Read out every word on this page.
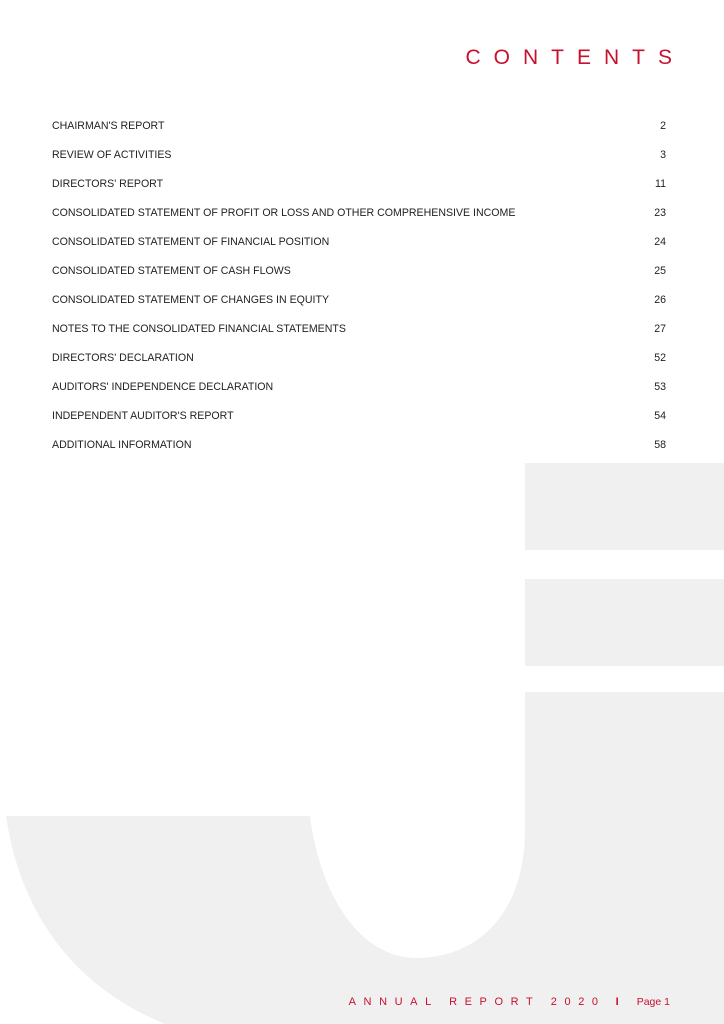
CONTENTS
CHAIRMAN'S REPORT	2
REVIEW OF ACTIVITIES	3
DIRECTORS' REPORT	11
CONSOLIDATED STATEMENT OF PROFIT OR LOSS AND OTHER COMPREHENSIVE INCOME	23
CONSOLIDATED STATEMENT OF FINANCIAL POSITION	24
CONSOLIDATED STATEMENT OF CASH FLOWS	25
CONSOLIDATED STATEMENT OF CHANGES IN EQUITY	26
NOTES TO THE CONSOLIDATED FINANCIAL STATEMENTS	27
DIRECTORS' DECLARATION	52
AUDITORS' INDEPENDENCE DECLARATION	53
INDEPENDENT AUDITOR'S REPORT	54
ADDITIONAL INFORMATION	58
ANNUAL REPORT 2020 I Page 1
